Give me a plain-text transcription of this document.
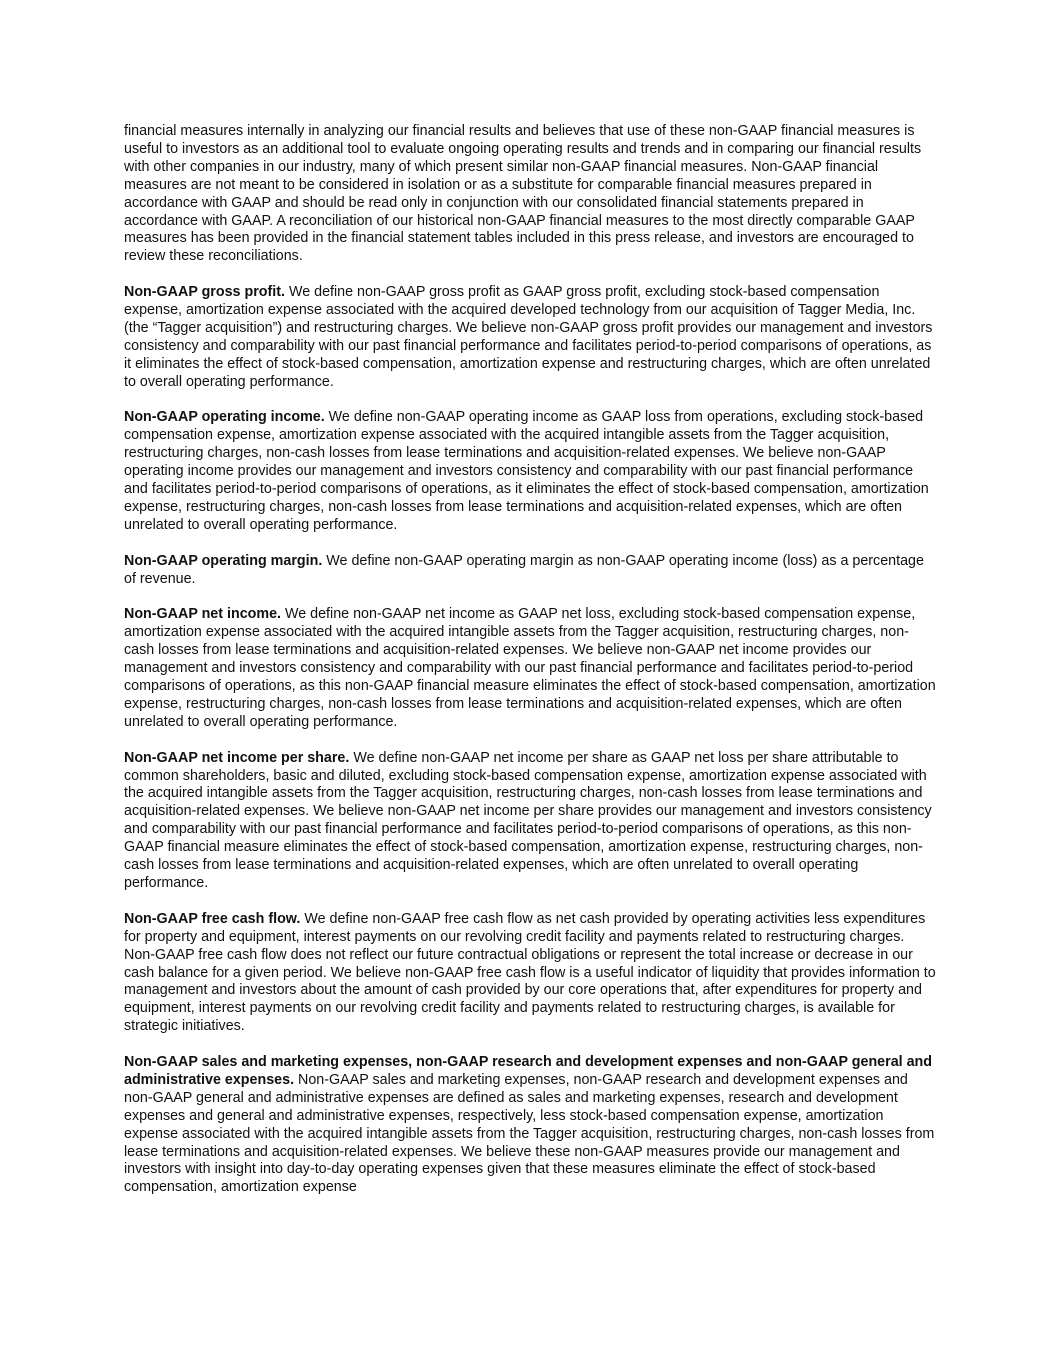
financial measures internally in analyzing our financial results and believes that use of these non-GAAP financial measures is useful to investors as an additional tool to evaluate ongoing operating results and trends and in comparing our financial results with other companies in our industry, many of which present similar non-GAAP financial measures. Non-GAAP financial measures are not meant to be considered in isolation or as a substitute for comparable financial measures prepared in accordance with GAAP and should be read only in conjunction with our consolidated financial statements prepared in accordance with GAAP. A reconciliation of our historical non-GAAP financial measures to the most directly comparable GAAP measures has been provided in the financial statement tables included in this press release, and investors are encouraged to review these reconciliations.

Non-GAAP gross profit. We define non-GAAP gross profit as GAAP gross profit, excluding stock-based compensation expense, amortization expense associated with the acquired developed technology from our acquisition of Tagger Media, Inc. (the “Tagger acquisition”) and restructuring charges. We believe non-GAAP gross profit provides our management and investors consistency and comparability with our past financial performance and facilitates period-to-period comparisons of operations, as it eliminates the effect of stock-based compensation, amortization expense and restructuring charges, which are often unrelated to overall operating performance.

Non-GAAP operating income. We define non-GAAP operating income as GAAP loss from operations, excluding stock-based compensation expense, amortization expense associated with the acquired intangible assets from the Tagger acquisition, restructuring charges, non-cash losses from lease terminations and acquisition-related expenses. We believe non-GAAP operating income provides our management and investors consistency and comparability with our past financial performance and facilitates period-to-period comparisons of operations, as it eliminates the effect of stock-based compensation, amortization expense, restructuring charges, non-cash losses from lease terminations and acquisition-related expenses, which are often unrelated to overall operating performance.

Non-GAAP operating margin. We define non-GAAP operating margin as non-GAAP operating income (loss) as a percentage of revenue.

Non-GAAP net income. We define non-GAAP net income as GAAP net loss, excluding stock-based compensation expense, amortization expense associated with the acquired intangible assets from the Tagger acquisition, restructuring charges, non-cash losses from lease terminations and acquisition-related expenses. We believe non-GAAP net income provides our management and investors consistency and comparability with our past financial performance and facilitates period-to-period comparisons of operations, as this non-GAAP financial measure eliminates the effect of stock-based compensation, amortization expense, restructuring charges, non-cash losses from lease terminations and acquisition-related expenses, which are often unrelated to overall operating performance.

Non-GAAP net income per share. We define non-GAAP net income per share as GAAP net loss per share attributable to common shareholders, basic and diluted, excluding stock-based compensation expense, amortization expense associated with the acquired intangible assets from the Tagger acquisition, restructuring charges, non-cash losses from lease terminations and acquisition-related expenses. We believe non-GAAP net income per share provides our management and investors consistency and comparability with our past financial performance and facilitates period-to-period comparisons of operations, as this non-GAAP financial measure eliminates the effect of stock-based compensation, amortization expense, restructuring charges, non-cash losses from lease terminations and acquisition-related expenses, which are often unrelated to overall operating performance.

Non-GAAP free cash flow. We define non-GAAP free cash flow as net cash provided by operating activities less expenditures for property and equipment, interest payments on our revolving credit facility and payments related to restructuring charges. Non-GAAP free cash flow does not reflect our future contractual obligations or represent the total increase or decrease in our cash balance for a given period. We believe non-GAAP free cash flow is a useful indicator of liquidity that provides information to management and investors about the amount of cash provided by our core operations that, after expenditures for property and equipment, interest payments on our revolving credit facility and payments related to restructuring charges, is available for strategic initiatives.

Non-GAAP sales and marketing expenses, non-GAAP research and development expenses and non-GAAP general and administrative expenses. Non-GAAP sales and marketing expenses, non-GAAP research and development expenses and non-GAAP general and administrative expenses are defined as sales and marketing expenses, research and development expenses and general and administrative expenses, respectively, less stock-based compensation expense, amortization expense associated with the acquired intangible assets from the Tagger acquisition, restructuring charges, non-cash losses from lease terminations and acquisition-related expenses. We believe these non-GAAP measures provide our management and investors with insight into day-to-day operating expenses given that these measures eliminate the effect of stock-based compensation, amortization expense
